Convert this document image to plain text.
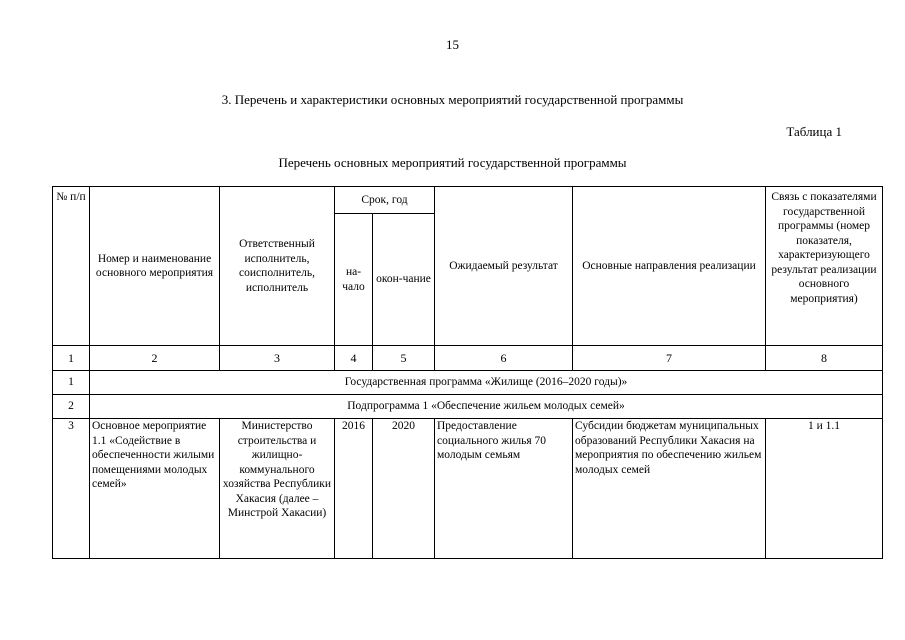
15
3. Перечень и характеристики основных мероприятий государственной программы
Таблица 1
Перечень основных мероприятий государственной программы
№ п/п	Номер и наименование основного мероприятия	Ответственный исполнитель, соисполнитель, исполнитель	Срок, год		Ожидаемый результат	Основные направления реализации	Связь с показателями государственной программы (номер показателя, характеризующего результат реализации основного мероприятия)
			на-чало	окон-чание			
1	2	3	4	5	6	7	8
1	Государственная программа «Жилище (2016–2020 годы)»						
2	Подпрограмма 1 «Обеспечение жильем молодых семей»						
3	Основное мероприятие 1.1 «Содействие в обеспеченности жилыми помещениями молодых семей»	Министерство строительства и жилищно-коммунального хозяйства Республики Хакасия (далее – Минстрой Хакасии)	2016	2020	Предоставление социального жилья 70 молодым семьям	Субсидии бюджетам муниципальных образований Республики Хакасия на мероприятия по обеспечению жильем молодых семей	1 и 1.1
